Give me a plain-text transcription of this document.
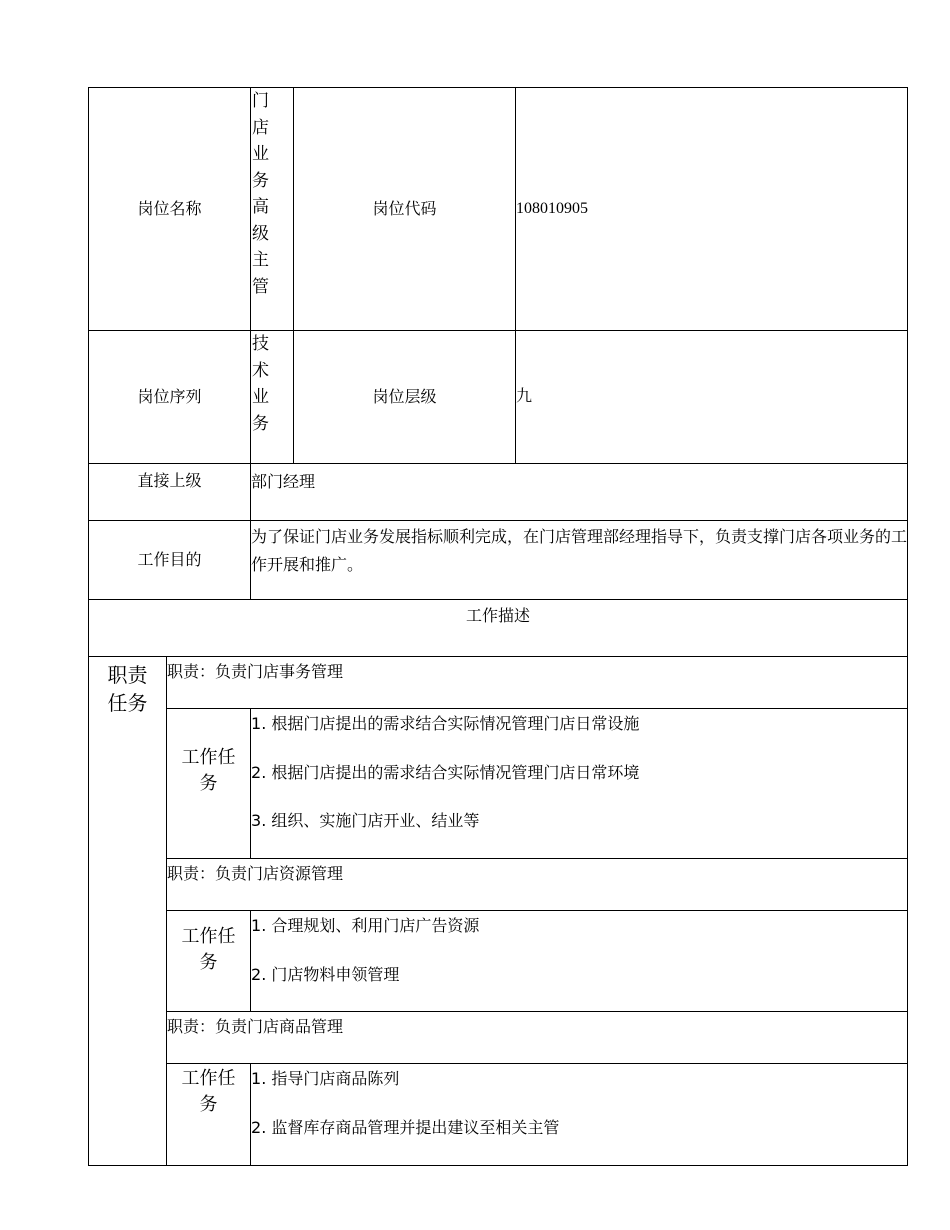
岗位名称		门店业务高级主管	岗位代码	108010905
岗位序列		技术业务	岗位层级	九
直接上级		部门经理		
工作目的		为了保证门店业务发展指标顺利完成，在门店管理部经理指导下，负责支撑门店各项业务的工作开展和推广。		
工作描述				

职责任务	职责：负责门店事务管理			

	工作任务	1. 根据门店提出的需求结合实际情况管理门店日常设施

2. 根据门店提出的需求结合实际情况管理门店日常环境

3. 组织、实施门店开业、结业等		

	职责：负责门店资源管理			

	工作任务	1. 合理规划、利用门店广告资源

2. 门店物料申领管理		

	职责：负责门店商品管理			

	工作任务	1. 指导门店商品陈列

2. 监督库存商品管理并提出建议至相关主管		
